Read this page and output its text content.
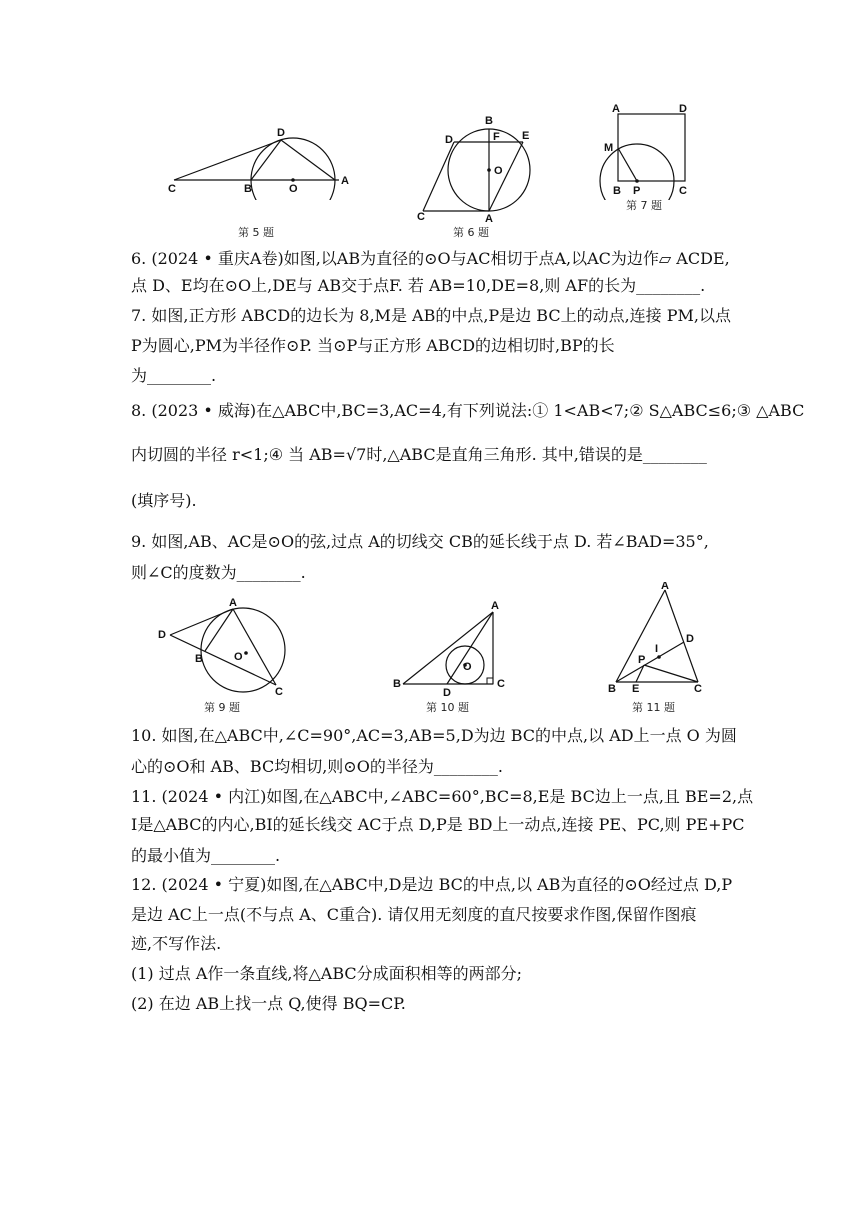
C	B	O
A
D
第 5 题
B
D	F E
O
C	A
第 6 题
A	D
M
B P	C
第 7 题
6. (2024 • 重庆A卷)如图,以AB为直径的⊙O与AC相切于点A,以AC为边作▱ ACDE,
点 D、E均在⊙O上,DE与 AB交于点F. 若 AB=10,DE=8,则 AF的长为________.
7. 如图,正方形 ABCD的边长为 8,M是 AB的中点,P是边 BC上的动点,连接 PM,以点
P为圆心,PM为半径作⊙P. 当⊙P与正方形 ABCD的边相切时,BP的长
为________.
8. (2023 • 威海)在△ABC中,BC=3,AC=4,有下列说法:① 1<AB<7;② S△ABC≤6;③ △ABC
内切圆的半径 r<1;④ 当 AB=√7时,△ABC是直角三角形. 其中,错误的是________
(填序号).
9. 如图,AB、AC是⊙O的弦,过点 A的切线交 CB的延长线于点 D. 若∠BAD=35°,
则∠C的度数为________.
A
D
B	O
C
第 9 题
A
O
B
D
C
第 10 题
A
D
I
P
B E	C
第 11 题
10. 如图,在△ABC中,∠C=90°,AC=3,AB=5,D为边 BC的中点,以 AD上一点 O 为圆
心的⊙O和 AB、BC均相切,则⊙O的半径为________.
11. (2024 • 内江)如图,在△ABC中,∠ABC=60°,BC=8,E是 BC边上一点,且 BE=2,点
I是△ABC的内心,BI的延长线交 AC于点 D,P是 BD上一动点,连接 PE、PC,则 PE+PC
的最小值为________.
12. (2024 • 宁夏)如图,在△ABC中,D是边 BC的中点,以 AB为直径的⊙O经过点 D,P
是边 AC上一点(不与点 A、C重合). 请仅用无刻度的直尺按要求作图,保留作图痕
迹,不写作法.
(1) 过点 A作一条直线,将△ABC分成面积相等的两部分;
(2) 在边 AB上找一点 Q,使得 BQ=CP.
